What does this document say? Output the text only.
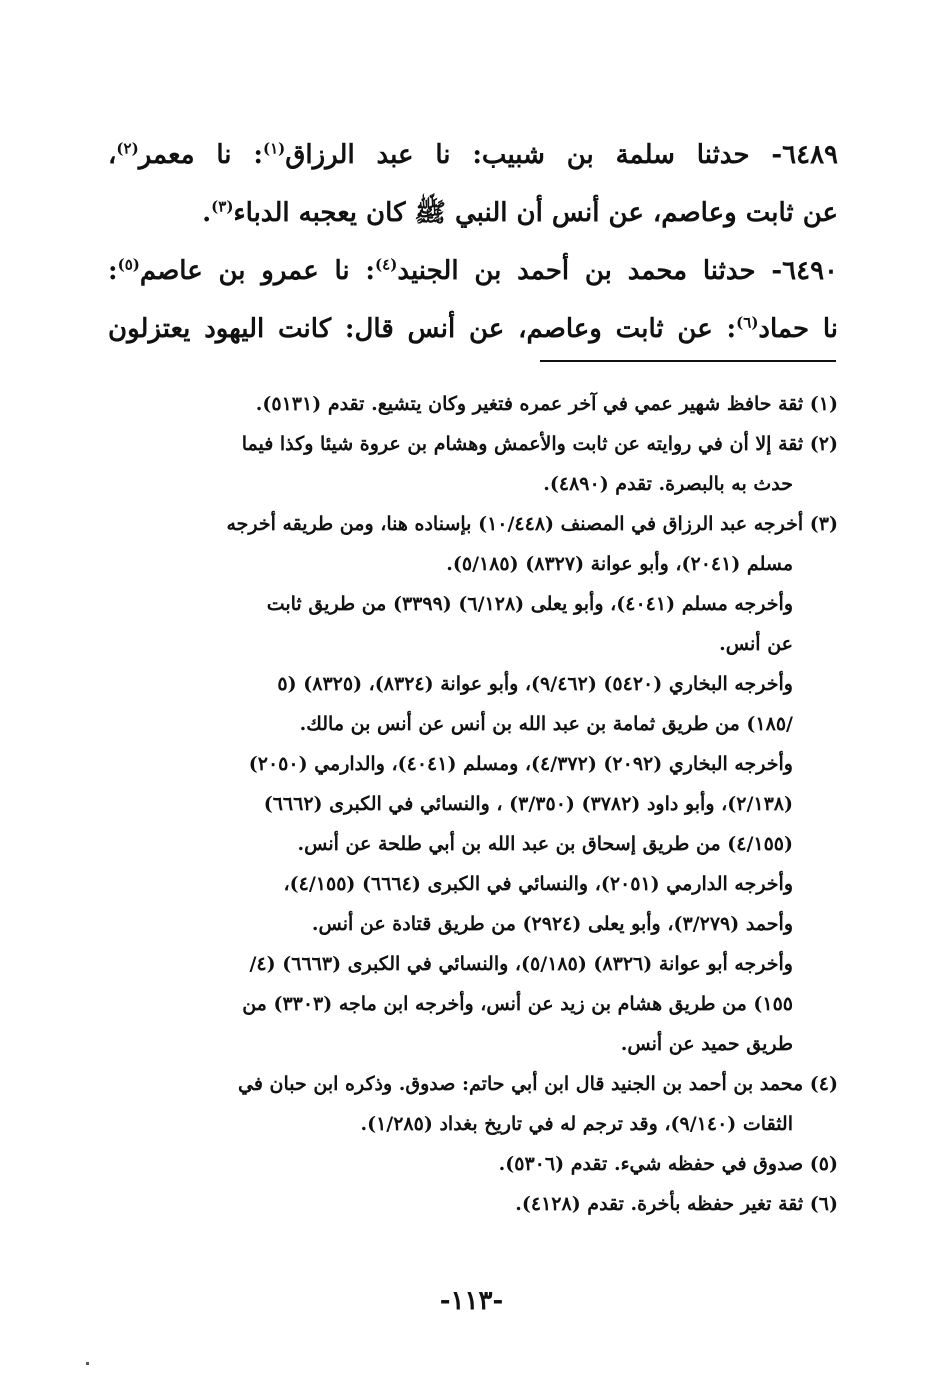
٦٤٨٩- حدثنا سلمة بن شبيب: نا عبد الرزاق$^{(١)}$: نا معمر$^{(٢)}$،
عن ثابت وعاصم، عن أنس أن النبي ﷺ كان يعجبه الدباء$^{(٣)}$.
٦٤٩٠- حدثنا محمد بن أحمد بن الجنيد$^{(٤)}$: نا عمرو بن عاصم$^{(٥)}$:
نا حماد$^{(٦)}$: عن ثابت وعاصم، عن أنس قال: كانت اليهود يعتزلون
(١) ثقة حافظ شهير عمي في آخر عمره فتغير وكان يتشيع. تقدم (٥١٣١).
(٢) ثقة إلا أن في روايته عن ثابت والأعمش وهشام بن عروة شيئا وكذا فيما
حدث به بالبصرة. تقدم (٤٨٩٠).
(٣) أخرجه عبد الرزاق في المصنف (١٠/٤٤٨) بإسناده هنا، ومن طريقه أخرجه
مسلم (٢٠٤١)، وأبو عوانة (٨٣٢٧) (٥/١٨٥).
وأخرجه مسلم (٤٠٤١)، وأبو يعلى (٦/١٢٨) (٣٣٩٩) من طريق ثابت
عن أنس.
وأخرجه البخاري (٥٤٢٠) (٩/٤٦٢)، وأبو عوانة (٨٣٢٤)، (٨٣٢٥) (٥
/١٨٥) من طريق ثمامة بن عبد الله بن أنس عن أنس بن مالك.
وأخرجه البخاري (٢٠٩٢) (٤/٣٧٢)، ومسلم (٤٠٤١)، والدارمي (٢٠٥٠)
(٢/١٣٨)، وأبو داود (٣٧٨٢) (٣/٣٥٠) ، والنسائي في الكبرى (٦٦٦٢)
(٤/١٥٥) من طريق إسحاق بن عبد الله بن أبي طلحة عن أنس.
وأخرجه الدارمي (٢٠٥١)، والنسائي في الكبرى (٦٦٦٤) (٤/١٥٥)،
وأحمد (٣/٢٧٩)، وأبو يعلى (٢٩٢٤) من طريق قتادة عن أنس.
وأخرجه أبو عوانة (٨٣٢٦) (٥/١٨٥)، والنسائي في الكبرى (٦٦٦٣) (٤/
١٥٥) من طريق هشام بن زيد عن أنس، وأخرجه ابن ماجه (٣٣٠٣) من
طريق حميد عن أنس.
(٤) محمد بن أحمد بن الجنيد قال ابن أبي حاتم: صدوق. وذكره ابن حبان في
الثقات (٩/١٤٠)، وقد ترجم له في تاريخ بغداد (١/٢٨٥).
(٥) صدوق في حفظه شيء. تقدم (٥٣٠٦).
(٦) ثقة تغير حفظه بأخرة. تقدم (٤١٢٨).
-١١٣-
